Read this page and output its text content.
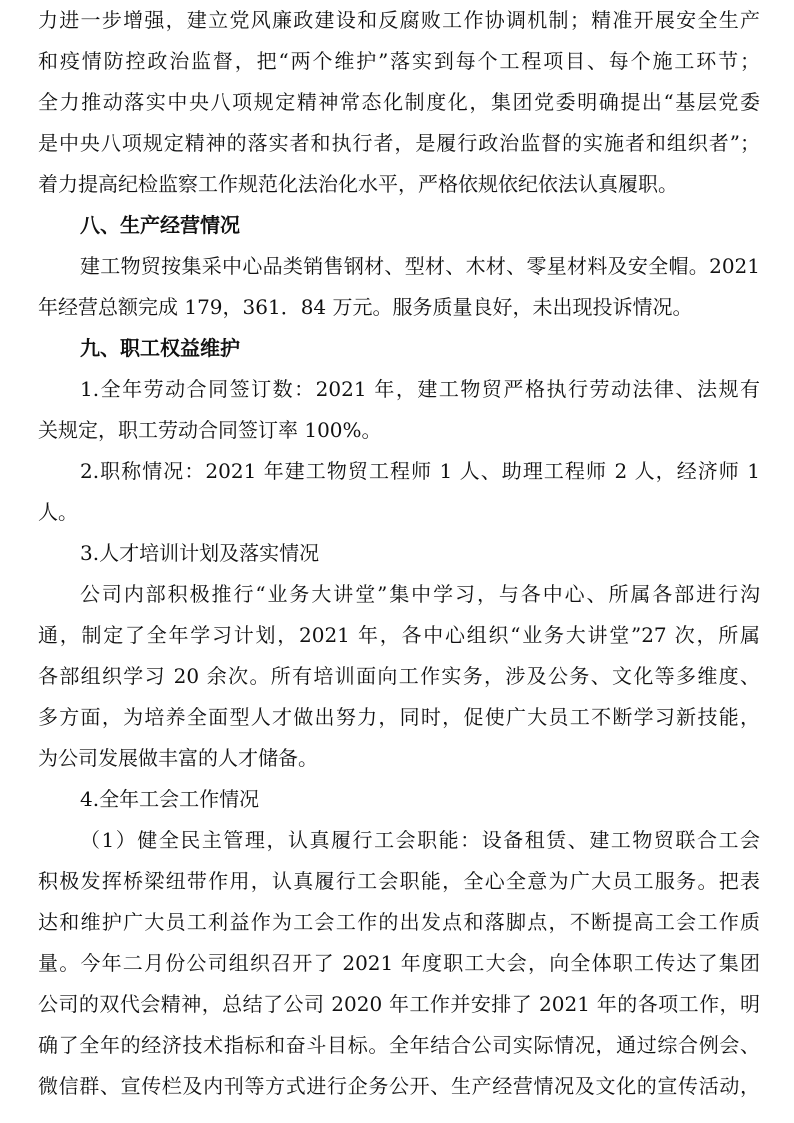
力进一步增强，建立党风廉政建设和反腐败工作协调机制；精准开展安全生产
和疫情防控政治监督，把“两个维护”落实到每个工程项目、每个施工环节；
全力推动落实中央八项规定精神常态化制度化，集团党委明确提出“基层党委
是中央八项规定精神的落实者和执行者，是履行政治监督的实施者和组织者”；
着力提高纪检监察工作规范化法治化水平，严格依规依纪依法认真履职。
八、生产经营情况
建工物贸按集采中心品类销售钢材、型材、木材、零星材料及安全帽。2021
年经营总额完成 179，361．84 万元。服务质量良好，未出现投诉情况。
九、职工权益维护
1.全年劳动合同签订数：2021 年，建工物贸严格执行劳动法律、法规有
关规定，职工劳动合同签订率 100%。
2.职称情况：2021 年建工物贸工程师 1 人、助理工程师 2 人，经济师 1
人。
3.人才培训计划及落实情况
公司内部积极推行“业务大讲堂”集中学习，与各中心、所属各部进行沟
通，制定了全年学习计划，2021 年，各中心组织“业务大讲堂”27 次，所属
各部组织学习 20 余次。所有培训面向工作实务，涉及公务、文化等多维度、
多方面，为培养全面型人才做出努力，同时，促使广大员工不断学习新技能，
为公司发展做丰富的人才储备。
4.全年工会工作情况
（1）健全民主管理，认真履行工会职能：设备租赁、建工物贸联合工会
积极发挥桥梁纽带作用，认真履行工会职能，全心全意为广大员工服务。把表
达和维护广大员工利益作为工会工作的出发点和落脚点，不断提高工会工作质
量。今年二月份公司组织召开了 2021 年度职工大会，向全体职工传达了集团
公司的双代会精神，总结了公司 2020 年工作并安排了 2021 年的各项工作，明
确了全年的经济技术指标和奋斗目标。全年结合公司实际情况，通过综合例会、
微信群、宣传栏及内刊等方式进行企务公开、生产经营情况及文化的宣传活动，
